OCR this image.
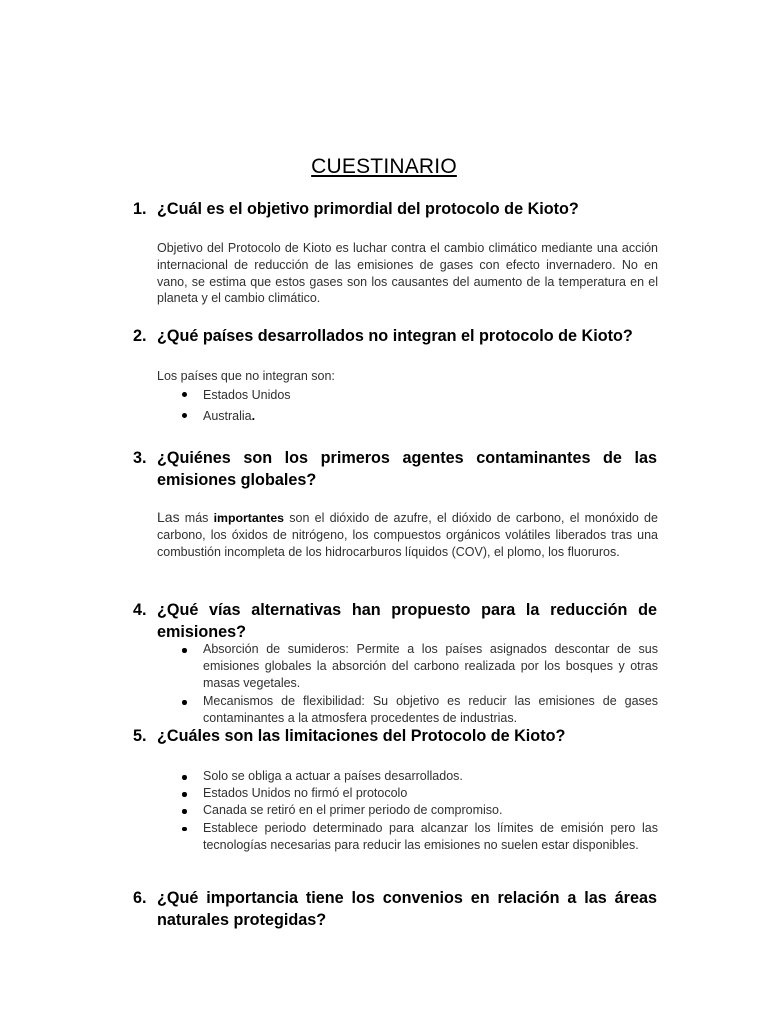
CUESTINARIO
1. ¿Cuál es el objetivo primordial del protocolo de Kioto?
Objetivo del Protocolo de Kioto es luchar contra el cambio climático mediante una acción internacional de reducción de las emisiones de gases con efecto invernadero. No en vano, se estima que estos gases son los causantes del aumento de la temperatura en el planeta y el cambio climático.
2. ¿Qué países desarrollados no integran el protocolo de Kioto?
Los países que no integran son:
Estados Unidos
Australia.
3. ¿Quiénes son los primeros agentes contaminantes de las emisiones globales?
Las más importantes son el dióxido de azufre, el dióxido de carbono, el monóxido de carbono, los óxidos de nitrógeno, los compuestos orgánicos volátiles liberados tras una combustión incompleta de los hidrocarburos líquidos (COV), el plomo, los fluoruros.
4. ¿Qué vías alternativas han propuesto para la reducción de emisiones?
Absorción de sumideros: Permite a los países asignados descontar de sus emisiones globales la absorción del carbono realizada por los bosques y otras masas vegetales.
Mecanismos de flexibilidad: Su objetivo es reducir las emisiones de gases contaminantes a la atmosfera procedentes de industrias.
5. ¿Cuáles son las limitaciones del Protocolo de Kioto?
Solo se obliga a actuar a países desarrollados.
Estados Unidos no firmó el protocolo
Canada se retiró en el primer periodo de compromiso.
Establece periodo determinado para alcanzar los límites de emisión pero las tecnologías necesarias para reducir las emisiones no suelen estar disponibles.
6. ¿Qué importancia tiene los convenios en relación a las áreas naturales protegidas?
